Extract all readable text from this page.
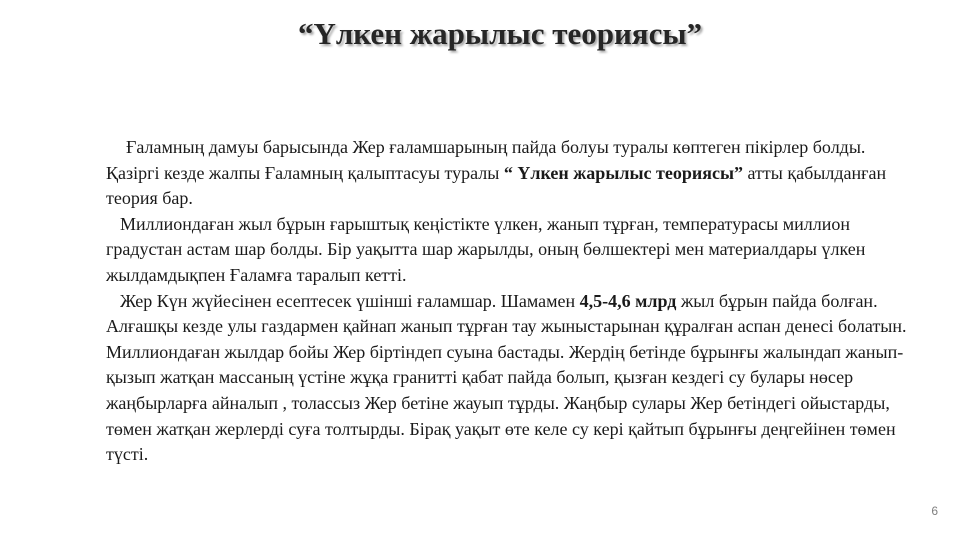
“Үлкен жарылыс теориясы”

Ғаламның дамуы барысында Жер ғаламшарының пайда болуы туралы көптеген пікірлер болды. Қазіргі кезде жалпы Ғаламның қалыптасуы туралы “ Үлкен жарылыс теориясы” атты қабылданған теория бар.

Миллиондаған жыл бұрын ғарыштық кеңістікте үлкен, жанып тұрған, температурасы миллион градустан астам шар болды. Бір уақытта шар жарылды, оның бөлшектері мен материалдары үлкен жылдамдықпен Ғаламға таралып кетті.

Жер Күн жүйесінен есептесек үшінші ғаламшар. Шамамен 4,5-4,6 млрд жыл бұрын пайда болған. Алғашқы кезде улы газдармен қайнап жанып тұрған тау жыныстарынан құралған аспан денесі болатын. Миллиондаған жылдар бойы Жер біртіндеп суына бастады. Жердің бетінде бұрынғы жалындап жанып-қызып жатқан массаның үстіне жұқа гранитті қабат пайда болып, қызған кездегі су булары нөсер жаңбырларға айналып , толассыз Жер бетіне жауып тұрды. Жаңбыр сулары Жер бетіндегі ойыстарды, төмен жатқан жерлерді суға толтырды. Бірақ уақыт өте келе су кері қайтып бұрынғы деңгейінен төмен түсті.

6
